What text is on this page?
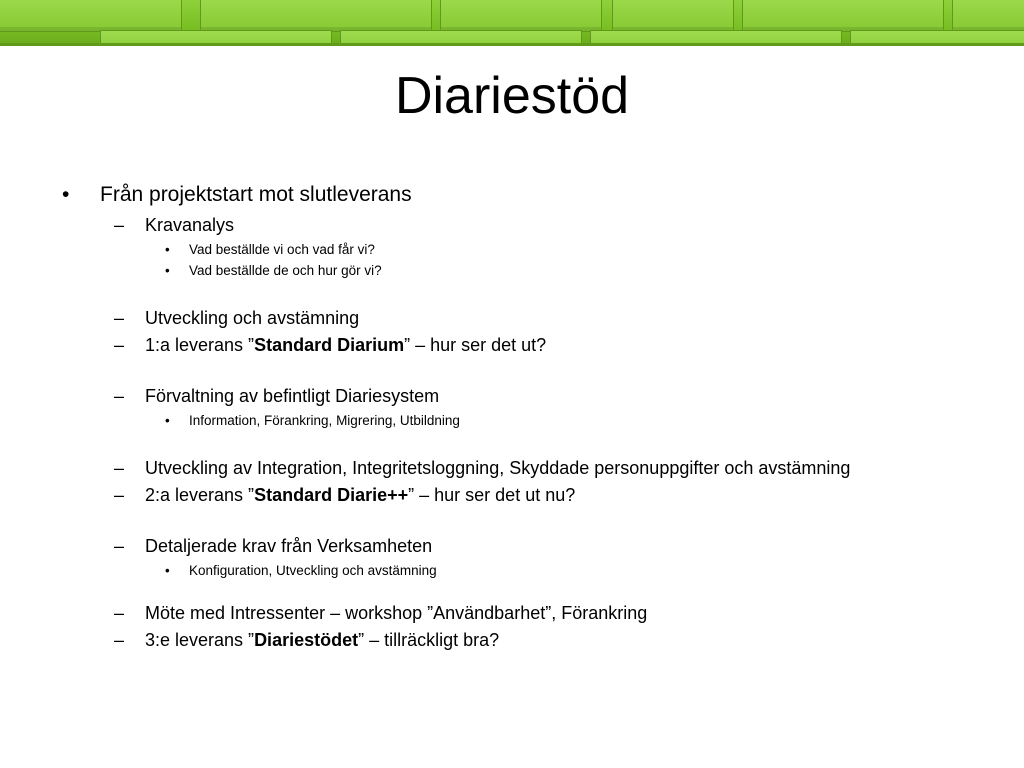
Diariestöd
• Från projektstart mot slutleverans
– Kravanalys
• Vad beställde vi och vad får vi?
• Vad beställde de och hur gör vi?
– Utveckling och avstämning
– 1:a leverans ”Standard Diarium” – hur ser det ut?
– Förvaltning av befintligt Diariesystem
• Information, Förankring, Migrering, Utbildning
– Utveckling av Integration, Integritetsloggning, Skyddade personuppgifter och avstämning
– 2:a leverans ”Standard Diarie++” – hur ser det ut nu?
– Detaljerade krav från Verksamheten
• Konfiguration, Utveckling och avstämning
– Möte med Intressenter – workshop ”Användbarhet”, Förankring
– 3:e leverans ”Diariestödet” – tillräckligt bra?
